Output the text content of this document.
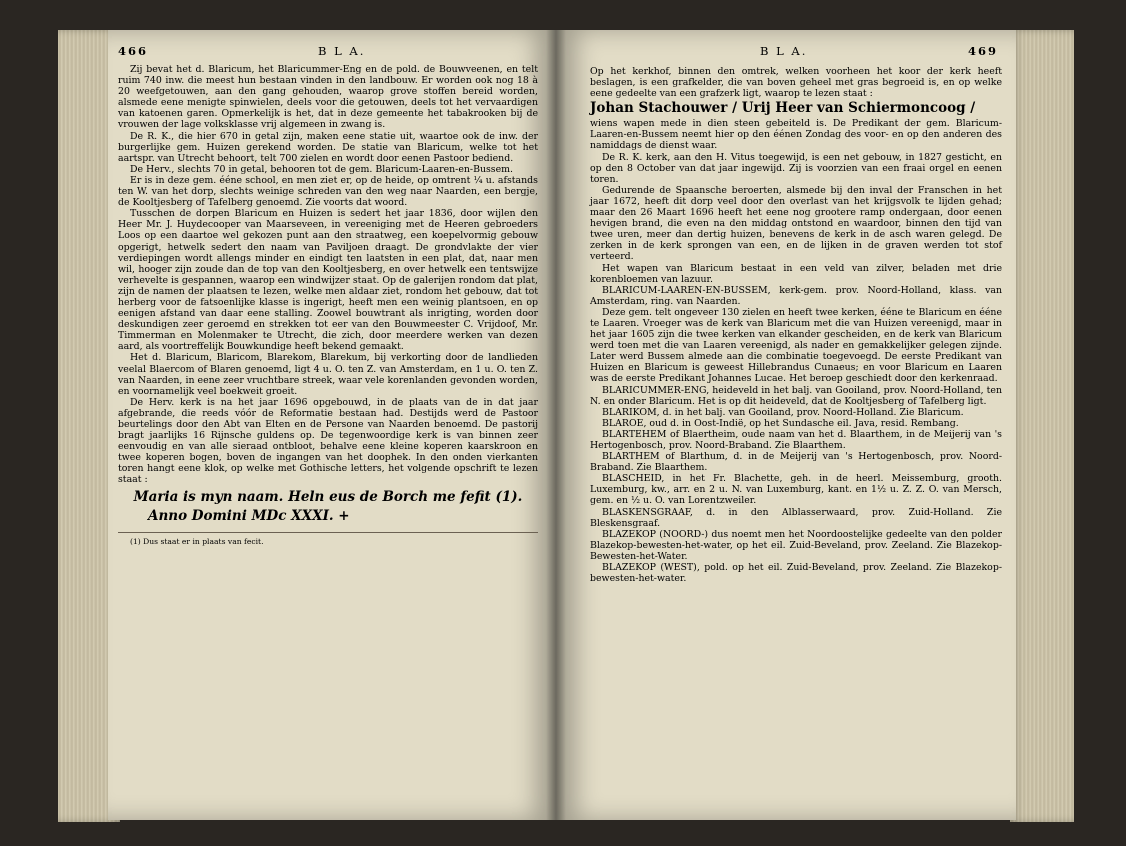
466	B L A.

Zij bevat het d. Blaricum, het Blaricummer-Eng en de pold. de Bouwveenen, en telt ruim 740 inw. die meest hun bestaan vinden in den landbouw. Er worden ook nog 18 à 20 weefgetouwen, aan den gang gehouden, waarop grove stoffen bereid worden, alsmede eene menigte spinwielen, deels voor die getouwen, deels tot het vervaardigen van katoenen garen. Opmerkelijk is het, dat in deze gemeente het tabakrooken bij de vrouwen der lage volksklasse vrij algemeen in zwang is.

De R. K., die hier 670 in getal zijn, maken eene statie uit, waartoe ook de inw. der burgerlijke gem. Huizen gerekend worden. De statie van Blaricum, welke tot het aartspr. van Utrecht behoort, telt 700 zielen en wordt door eenen Pastoor bediend.

De Herv., slechts 70 in getal, behooren tot de gem. Blaricum-Laaren-en-Bussem.

Er is in deze gem. ééne school, en men ziet er, op de heide, op omtrent ¼ u. afstands ten W. van het dorp, slechts weinige schreden van den weg naar Naarden, een bergje, de Kooltjesberg of Tafelberg genoemd. Zie voorts dat woord.

Tusschen de dorpen Blaricum en Huizen is sedert het jaar 1836, door wijlen den Heer Mr. J. Huydecooper van Maarseveen, in vereeniging met de Heeren gebroeders Loos op een daartoe wel gekozen punt aan den straatweg, een koepelvormig gebouw opgerigt, hetwelk sedert den naam van Paviljoen draagt. De grondvlakte der vier verdiepingen wordt allengs minder en eindigt ten laatsten in een plat, dat, naar men wil, hooger zijn zoude dan de top van den Kooltjesberg, en over hetwelk een tentswijze verhevelte is gespannen, waarop een windwijzer staat. Op de galerijen rondom dat plat, zijn de namen der plaatsen te lezen, welke men aldaar ziet, rondom het gebouw, dat tot herberg voor de fatsoenlijke klasse is ingerigt, heeft men een weinig plantsoen, en op eenigen afstand van daar eene stalling. Zoowel bouwtrant als inrigting, worden door deskundigen zeer geroemd en strekken tot eer van den Bouwmeester C. Vrijdoof, Mr. Timmerman en Molenmaker te Utrecht, die zich, door meerdere werken van dezen aard, als voortreffelijk Bouwkundige heeft bekend gemaakt.

Het d. Blaricum, Blaricom, Blarekom, Blarekum, bij verkorting door de landlieden veelal Blaercom of Blaren genoemd, ligt 4 u. O. ten Z. van Amsterdam, en 1 u. O. ten Z. van Naarden, in eene zeer vruchtbare streek, waar vele korenlanden gevonden worden, en voornamelijk veel boekweit groeit.

De Herv. kerk is na het jaar 1696 opgebouwd, in de plaats van de in dat jaar afgebrande, die reeds vóór de Reformatie bestaan had. Destijds werd de Pastoor beurtelings door den Abt van Elten en de Persone van Naarden benoemd. De pastorij bragt jaarlijks 16 Rijnsche guldens op. De tegenwoordige kerk is van binnen zeer eenvoudig en van alle sieraad ontbloot, behalve eene kleine koperen kaarskroon en twee koperen bogen, boven de ingangen van het doophek. In den onden vierkanten toren hangt eene klok, op welke met Gothische letters, het volgende opschrift te lezen staat :

Maria is myn naam. Heln eus de Borch me fefit (1).
Anno Domini MDc XXXI. +

(1) Dus staat er in plaats van fecit.

B L A.	469

Op het kerkhof, binnen den omtrek, welken voorheen het koor der kerk heeft beslagen, is een grafkelder, die van boven geheel met gras begroeid is, en op welke eene gedeelte van een grafzerk ligt, waarop te lezen staat :

Johan Stachouwer / Urij Heer van Schiermoncoog /

wiens wapen mede in dien steen gebeiteld is. De Predikant der gem. Blaricum-Laaren-en-Bussem neemt hier op den éénen Zondag des voor- en op den anderen des namiddags de dienst waar.

De R. K. kerk, aan den H. Vitus toegewijd, is een net gebouw, in 1827 gesticht, en op den 8 October van dat jaar ingewijd. Zij is voorzien van een fraai orgel en eenen toren.

Gedurende de Spaansche beroerten, alsmede bij den inval der Franschen in het jaar 1672, heeft dit dorp veel door den overlast van het krijgsvolk te lijden gehad; maar den 26 Maart 1696 heeft het eene nog grootere ramp ondergaan, door eenen hevigen brand, die even na den middag ontstond en waardoor, binnen den tijd van twee uren, meer dan dertig huizen, benevens de kerk in de asch waren gelegd. De zerken in de kerk sprongen van een, en de lijken in de graven werden tot stof verteerd.

Het wapen van Blaricum bestaat in een veld van zilver, beladen met drie korenbloemen van lazuur.

BLARICUM-LAAREN-EN-BUSSEM, kerk-gem. prov. Noord-Holland, klass. van Amsterdam, ring. van Naarden.

Deze gem. telt ongeveer 130 zielen en heeft twee kerken, ééne te Blaricum en ééne te Laaren. Vroeger was de kerk van Blaricum met die van Huizen vereenigd, maar in het jaar 1605 zijn die twee kerken van elkander gescheiden, en de kerk van Blaricum werd toen met die van Laaren vereenigd, als nader en gemakkelijker gelegen zijnde. Later werd Bussem almede aan die combinatie toegevoegd. De eerste Predikant van Huizen en Blaricum is geweest Hillebrandus Cunaeus; en voor Blaricum en Laaren was de eerste Predikant Johannes Lucae. Het beroep geschiedt door den kerkenraad.

BLARICUMMER-ENG, heideveld in het balj. van Gooiland, prov. Noord-Holland, ten N. en onder Blaricum. Het is op dit heideveld, dat de Kooltjesberg of Tafelberg ligt.

BLARIKOM, d. in het balj. van Gooiland, prov. Noord-Holland. Zie Blaricum.

BLAROE, oud d. in Oost-Indië, op het Sundasche eil. Java, resid. Rembang.

BLARTEHEM of Blaertheim, oude naam van het d. Blaarthem, in de Meijerij van 's Hertogenbosch, prov. Noord-Braband. Zie Blaarthem.

BLARTHEM of Blarthum, d. in de Meijerij van 's Hertogenbosch, prov. Noord-Braband. Zie Blaarthem.

BLASCHEID, in het Fr. Blachette, geh. in de heerl. Meissemburg, grooth. Luxemburg, kw., arr. en 2 u. N. van Luxemburg, kant. en 1½ u. Z. Z. O. van Mersch, gem. en ½ u. O. van Lorentzweiler.

BLASKENSGRAAF, d. in den Alblasserwaard, prov. Zuid-Holland. Zie Bleskensgraaf.

BLAZEKOP (NOORD-) dus noemt men het Noordoostelijke gedeelte van den polder Blazekop-bewesten-het-water, op het eil. Zuid-Beveland, prov. Zeeland. Zie Blazekop-Bewesten-het-Water.

BLAZEKOP (WEST), pold. op het eil. Zuid-Beveland, prov. Zeeland. Zie Blazekop-bewesten-het-water.
